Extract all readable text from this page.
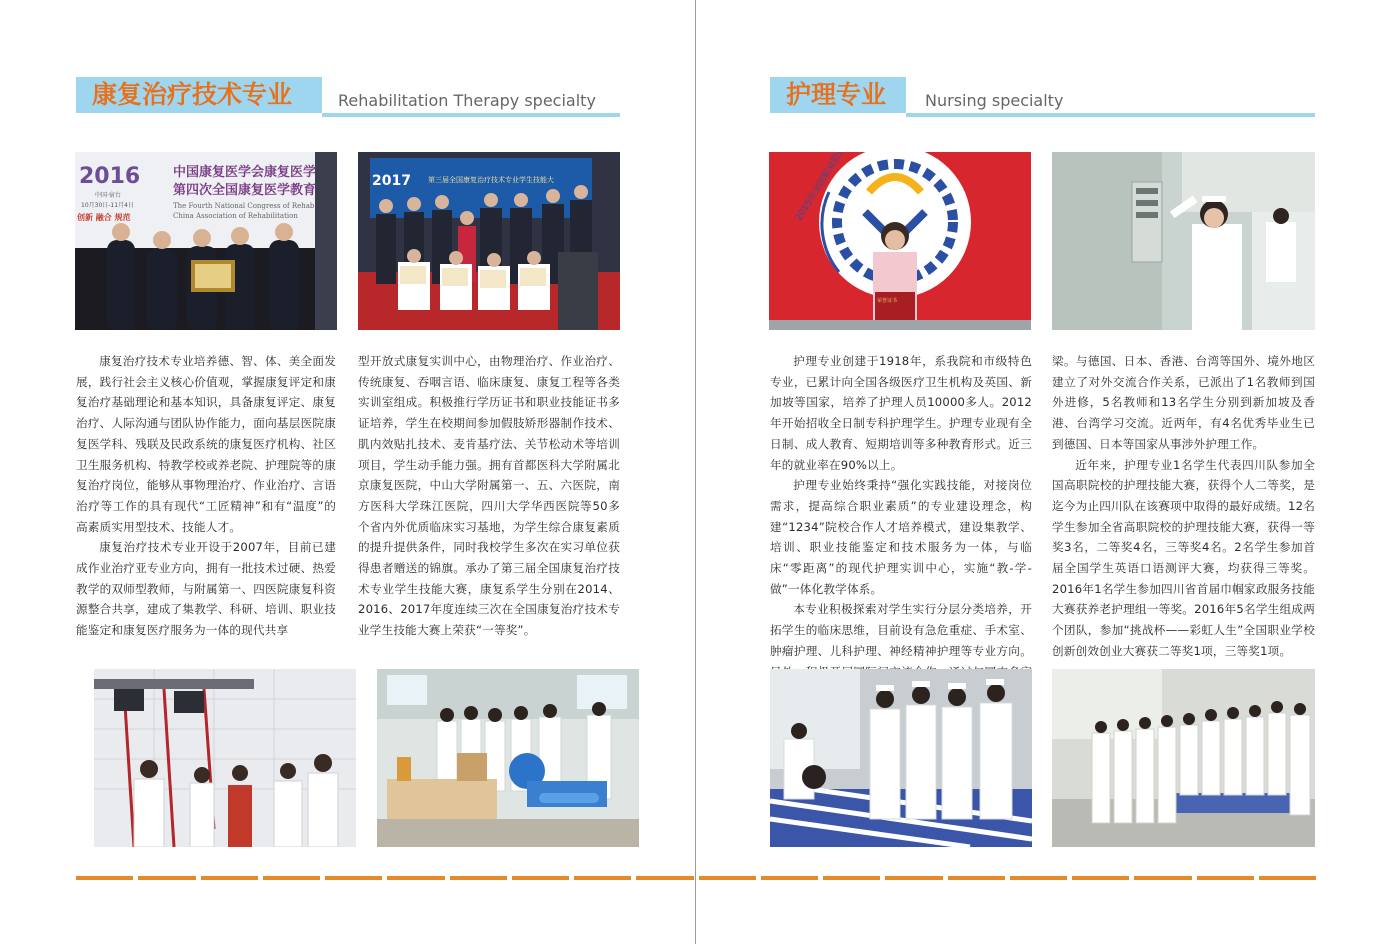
康复治疗技术专业	Rehabilitation Therapy specialty
2016
中国·宿台
10月30日-11月4日
创新 融合 规范
中国康复医学会康复医学
第四次全国康复医学教育
The Fourth National Congress of Rehab
China Association of Rehabilitation
2017 第三届全国康复治疗技术专业学生技能大

康复治疗技术专业培养德、智、体、美全面发展，践行社会主义核心价值观，掌握康复评定和康复治疗基础理论和基本知识，具备康复评定、康复治疗、人际沟通与团队协作能力，面向基层医院康复医学科、残联及民政系统的康复医疗机构、社区卫生服务机构、特教学校或养老院、护理院等的康复治疗岗位，能够从事物理治疗、作业治疗、言语治疗等工作的具有现代“工匠精神”和有“温度”的高素质实用型技术、技能人才。

康复治疗技术专业开设于2007年，目前已建成作业治疗亚专业方向，拥有一批技术过硬、热爱教学的双师型教师，与附属第一、四医院康复科资源整合共享，建成了集教学、科研、培训、职业技能鉴定和康复医疗服务为一体的现代共享

型开放式康复实训中心，由物理治疗、作业治疗、传统康复、吞咽言语、临床康复、康复工程等各类实训室组成。积极推行学历证书和职业技能证书多证培养，学生在校期间参加假肢矫形器制作技术、肌内效贴扎技术、麦肯基疗法、关节松动术等培训项目，学生动手能力强。拥有首都医科大学附属北京康复医院，中山大学附属第一、五、六医院，南方医科大学珠江医院，四川大学华西医院等50多个省内外优质临床实习基地，为学生综合康复素质的提升提供条件，同时我校学生多次在实习单位获得患者赠送的锦旗。承办了第三届全国康复治疗技术专业学生技能大赛，康复系学生分别在2014、2016、2017年度连续三次在全国康复治疗技术专业学生技能大赛上荣获“一等奖”。

护理专业	Nursing specialty
荣誉证书

护理专业创建于1918年，系我院和市级特色专业，已累计向全国各级医疗卫生机构及英国、新加坡等国家，培养了护理人员10000多人。2012年开始招收全日制专科护理学生。护理专业现有全日制、成人教育、短期培训等多种教育形式。近三年的就业率在90%以上。

护理专业始终秉持“强化实践技能，对接岗位需求，提高综合职业素质”的专业建设理念，构建“1234”院校合作人才培养模式，建设集教学、培训、职业技能鉴定和技术服务为一体，与临床“零距离”的现代护理实训中心，实施“教-学-做”一体化教学体系。

本专业积极探索对学生实行分层分类培养，开拓学生的临床思维，目前设有急危重症、手术室、肿瘤护理、儿科护理、神经精神护理等专业方向。

梁。与德国、日本、香港、台湾等国外、境外地区建立了对外交流合作关系，已派出了1名教师到国外进修，5名教师和13名学生分别到新加坡及香港、台湾学习交流。近两年，有4名优秀毕业生已到德国、日本等国家从事涉外护理工作。

近年来，护理专业1名学生代表四川队参加全国高职院校的护理技能大赛，获得个人二等奖，是迄今为止四川队在该赛项中取得的最好成绩。12名学生参加全省高职院校的护理技能大赛，获得一等奖3名，二等奖4名，三等奖4名。2名学生参加首届全国学生英语口语测评大赛，均获得三等奖。2016年1名学生参加四川省首届巾帼家政服务技能大赛获养老护理组一等奖。2016年5名学生组成两个团队，参加“挑战杯——彩虹人生”全国职业学校创新创效创业大赛获二等奖1项，三等奖1项。
